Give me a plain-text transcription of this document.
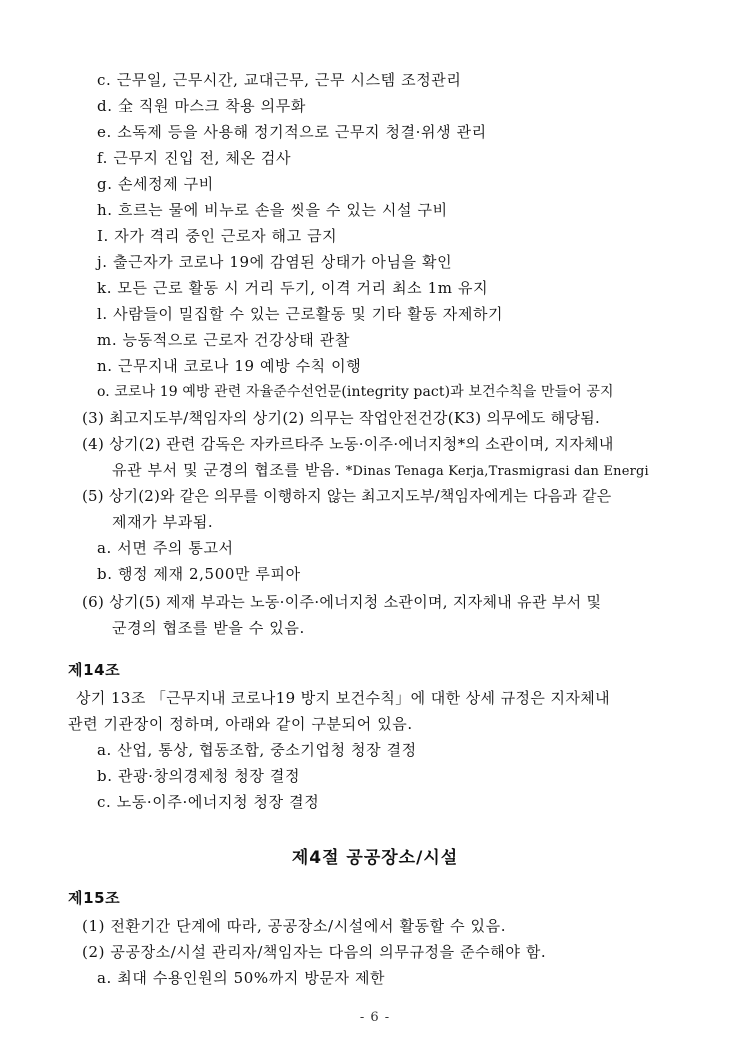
c. 근무일, 근무시간, 교대근무, 근무 시스템 조정관리
d. 全 직원 마스크 착용 의무화
e. 소독제 등을 사용해 정기적으로 근무지 청결·위생 관리
f. 근무지 진입 전, 체온 검사
g. 손세정제 구비
h. 흐르는 물에 비누로 손을 씻을 수 있는 시설 구비
I. 자가 격리 중인 근로자 해고 금지
j. 출근자가 코로나 19에 감염된 상태가 아님을 확인
k. 모든 근로 활동 시 거리 두기, 이격 거리 최소 1m 유지
l. 사람들이 밀집할 수 있는 근로활동 및 기타 활동 자제하기
m. 능동적으로 근로자 건강상태 관찰
n. 근무지내 코로나 19 예방 수칙 이행
o. 코로나 19 예방 관련 자율준수선언문(integrity pact)과 보건수칙을 만들어 공지
(3) 최고지도부/책임자의 상기(2) 의무는 작업안전건강(K3) 의무에도 해당됨.
(4) 상기(2) 관련 감독은 자카르타주 노동·이주·에너지청*의 소관이며, 지자체내
유관 부서 및 군경의 협조를 받음. *Dinas Tenaga Kerja,Trasmigrasi dan Energi
(5) 상기(2)와 같은 의무를 이행하지 않는 최고지도부/책임자에게는 다음과 같은
제재가 부과됨.
a. 서면 주의 통고서
b. 행정 제재 2,500만 루피아
(6) 상기(5) 제재 부과는 노동·이주·에너지청 소관이며, 지자체내 유관 부서 및
군경의 협조를 받을 수 있음.
제14조
상기 13조 「근무지내 코로나19 방지 보건수칙」에 대한 상세 규정은 지자체내
관련 기관장이 정하며, 아래와 같이 구분되어 있음.
a. 산업, 통상, 협동조합, 중소기업청 청장 결정
b. 관광·창의경제청 청장 결정
c. 노동·이주·에너지청 청장 결정
제4절 공공장소/시설
제15조
(1) 전환기간 단계에 따라, 공공장소/시설에서 활동할 수 있음.
(2) 공공장소/시설 관리자/책임자는 다음의 의무규정을 준수해야 함.
a. 최대 수용인원의 50%까지 방문자 제한
- 6 -
